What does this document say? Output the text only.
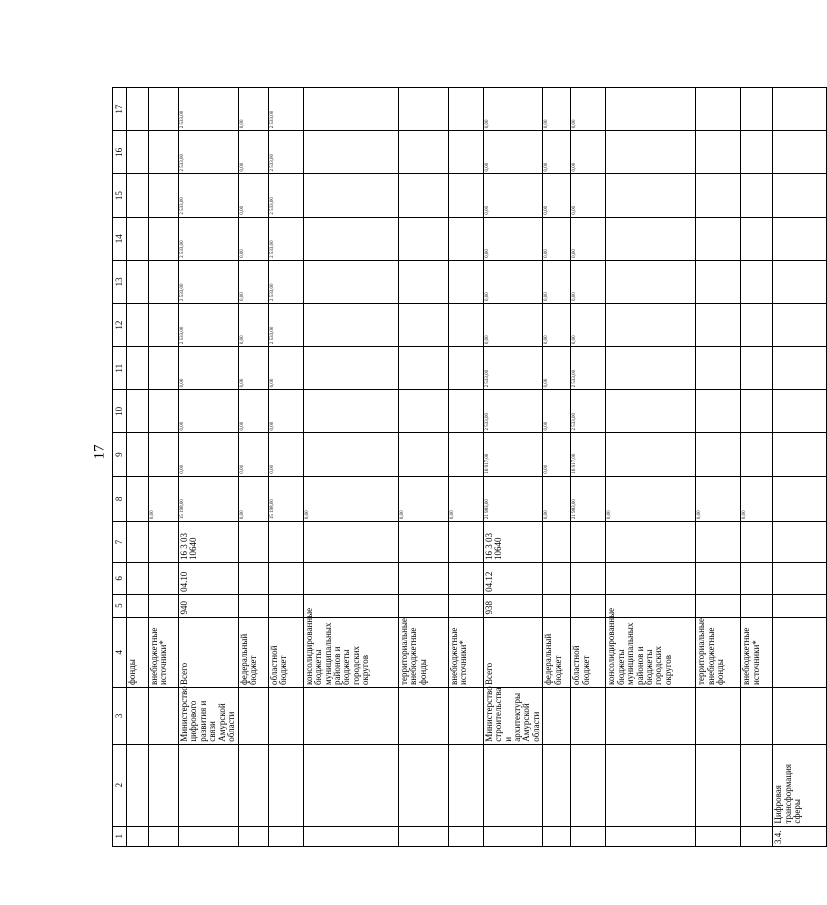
17
1	2	3	4	5	6	7	8	9	10	11	12	13	14	15	16	17
			фонды													
			внебюджетные источники*				0,00									
		Министерство цифрового развития и связи Амурской области	Всего	940	04.10	16 3 03 10640	15 198,00	0,00	0,00	0,00	2 533,00	2 533,00	2 533,00	2 533,00	2 533,00	2 533,00
			федеральный бюджет				0,00	0,00	0,00	0,00	0,00	0,00	0,00	0,00	0,00	0,00
			областной бюджет				15 198,00	0,00	0,00	0,00	2 533,00	2 533,00	2 533,00	2 533,00	2 533,00	2 533,00
			консолидированные бюджеты муниципальных районов и бюджеты городских округов				0,00									
			территориальные внебюджетные фонды				0,00									
			внебюджетные источники*				0,00									
		Министерство строительства и архитектуры Амурской области	Всего	938	04.12	16 3 03 10640	21 983,00	16 917,00	2 533,00	2 533,00	0,00	0,00	0,00	0,00	0,00	0,00
			федеральный бюджет				0,00	0,00	0,00	0,00	0,00	0,00	0,00	0,00	0,00	0,00
			областной бюджет				21 983,00	16 917,00	2 533,00	2 533,00	0,00	0,00	0,00	0,00	0,00	0,00
			консолидированные бюджеты муниципальных районов и бюджеты городских округов				0,00									
			территориальные внебюджетные фонды				0,00									
			внебюджетные источники*				0,00									
3.4.	Цифровая трансформация сферы															
